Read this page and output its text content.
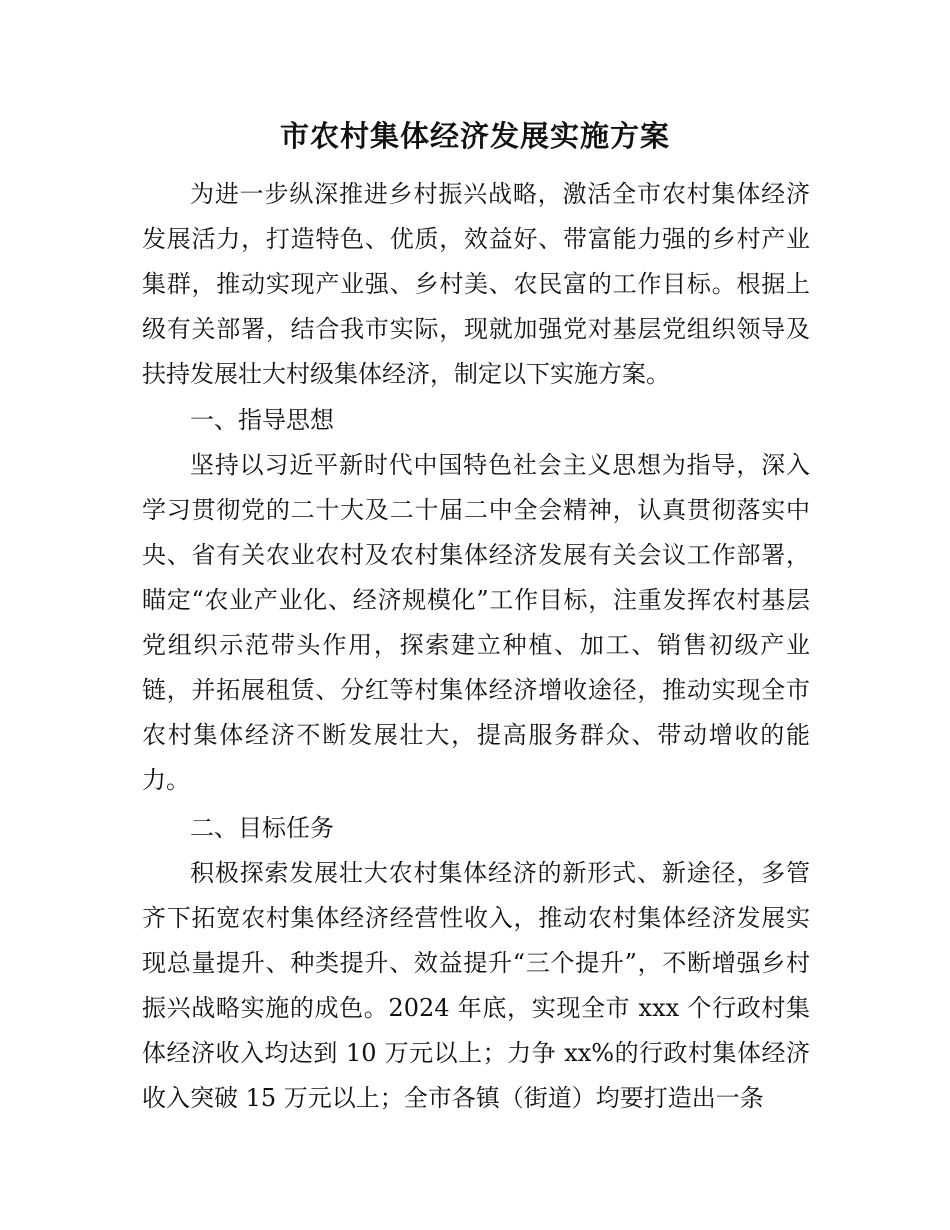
市农村集体经济发展实施方案

为进一步纵深推进乡村振兴战略，激活全市农村集体经济发展活力，打造特色、优质，效益好、带富能力强的乡村产业集群，推动实现产业强、乡村美、农民富的工作目标。根据上级有关部署，结合我市实际，现就加强党对基层党组织领导及扶持发展壮大村级集体经济，制定以下实施方案。

一、指导思想

坚持以习近平新时代中国特色社会主义思想为指导，深入学习贯彻党的二十大及二十届二中全会精神，认真贯彻落实中央、省有关农业农村及农村集体经济发展有关会议工作部署，瞄定“农业产业化、经济规模化”工作目标，注重发挥农村基层党组织示范带头作用，探索建立种植、加工、销售初级产业链，并拓展租赁、分红等村集体经济增收途径，推动实现全市农村集体经济不断发展壮大，提高服务群众、带动增收的能力。

二、目标任务

积极探索发展壮大农村集体经济的新形式、新途径，多管齐下拓宽农村集体经济经营性收入，推动农村集体经济发展实现总量提升、种类提升、效益提升“三个提升”，不断增强乡村振兴战略实施的成色。2024 年底，实现全市 xxx 个行政村集体经济收入均达到 10 万元以上；力争 xx%的行政村集体经济收入突破 15 万元以上；全市各镇（街道）均要打造出一条
